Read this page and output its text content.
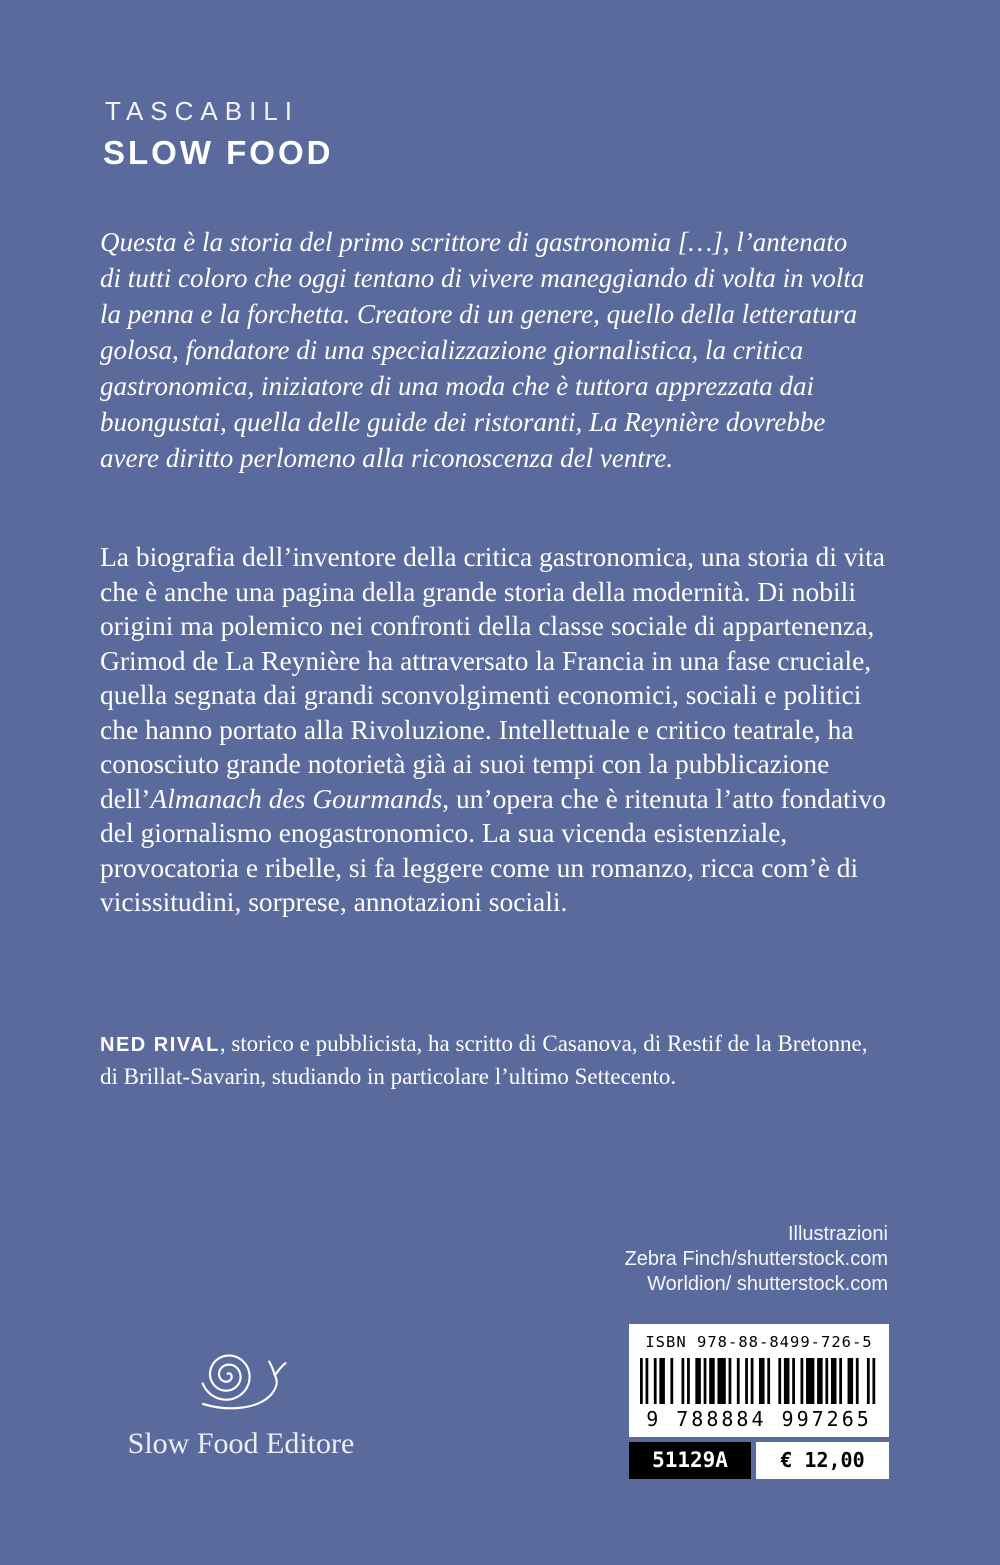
TASCABILI
SLOW FOOD
Questa è la storia del primo scrittore di gastronomia […], l’antenato di tutti coloro che oggi tentano di vivere maneggiando di volta in volta la penna e la forchetta. Creatore di un genere, quello della letteratura golosa, fondatore di una specializzazione giornalistica, la critica gastronomica, iniziatore di una moda che è tuttora apprezzata dai buongustai, quella delle guide dei ristoranti, La Reynière dovrebbe avere diritto perlomeno alla riconoscenza del ventre.

La biografia dell’inventore della critica gastronomica, una storia di vita che è anche una pagina della grande storia della modernità. Di nobili origini ma polemico nei confronti della classe sociale di appartenenza, Grimod de La Reynière ha attraversato la Francia in una fase cruciale, quella segnata dai grandi sconvolgimenti economici, sociali e politici che hanno portato alla Rivoluzione. Intellettuale e critico teatrale, ha conosciuto grande notorietà già ai suoi tempi con la pubblicazione dell’Almanach des Gourmands, un’opera che è ritenuta l’atto fondativo del giornalismo enogastronomico. La sua vicenda esistenziale, provocatoria e ribelle, si fa leggere come un romanzo, ricca com’è di vicissitudini, sorprese, annotazioni sociali.

NED RIVAL, storico e pubblicista, ha scritto di Casanova, di Restif de la Bretonne, di Brillat-Savarin, studiando in particolare l’ultimo Settecento.

Illustrazioni
Zebra Finch/shutterstock.com
Worldion/ shutterstock.com
Slow Food Editore
ISBN 978-88-8499-726-5
9 788884 997265
51129A	€ 12,00
